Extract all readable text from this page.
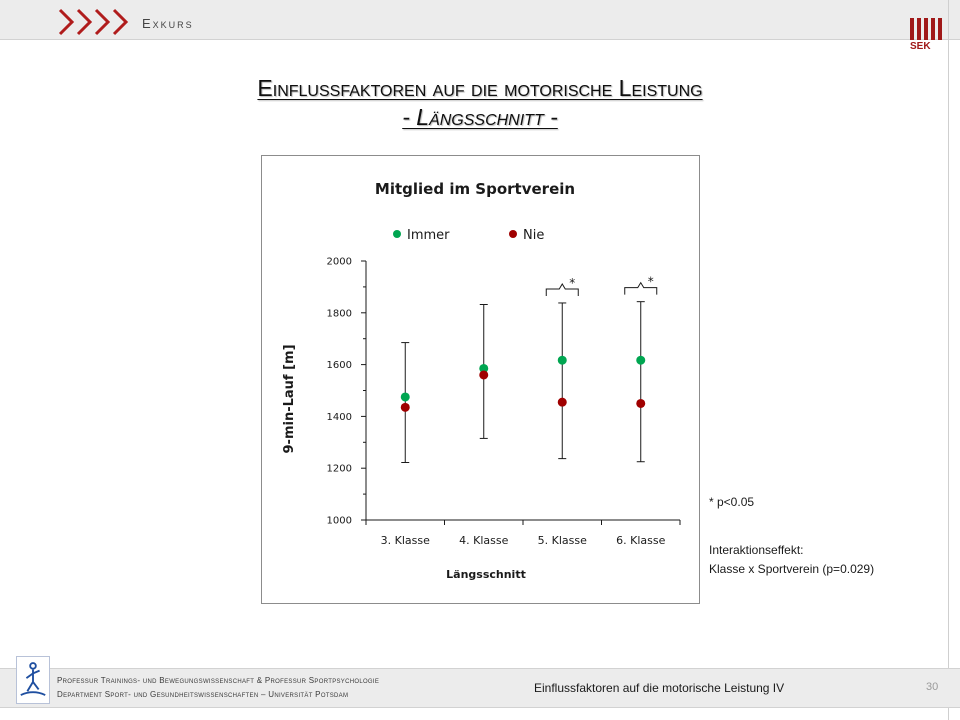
Exkurs
SEK
Einflussfaktoren auf die motorische Leistung
- Längsschnitt -
Mitglied im Sportverein
Immer	Nie
9-min-Lauf [m]
Längsschnitt
1000
1200
1400
1600
1800
2000
3. Klasse	4. Klasse	5. Klasse	6. Klasse
*	*
* p<0.05
Interaktionseffekt:
Klasse x Sportverein (p=0.029)
Professur Trainings- und Bewegungswissenschaft & Professur Sportpsychologie
Department Sport- und Gesundheitswissenschaften – Universität Potsdam	Einflussfaktoren auf die motorische Leistung IV	30
